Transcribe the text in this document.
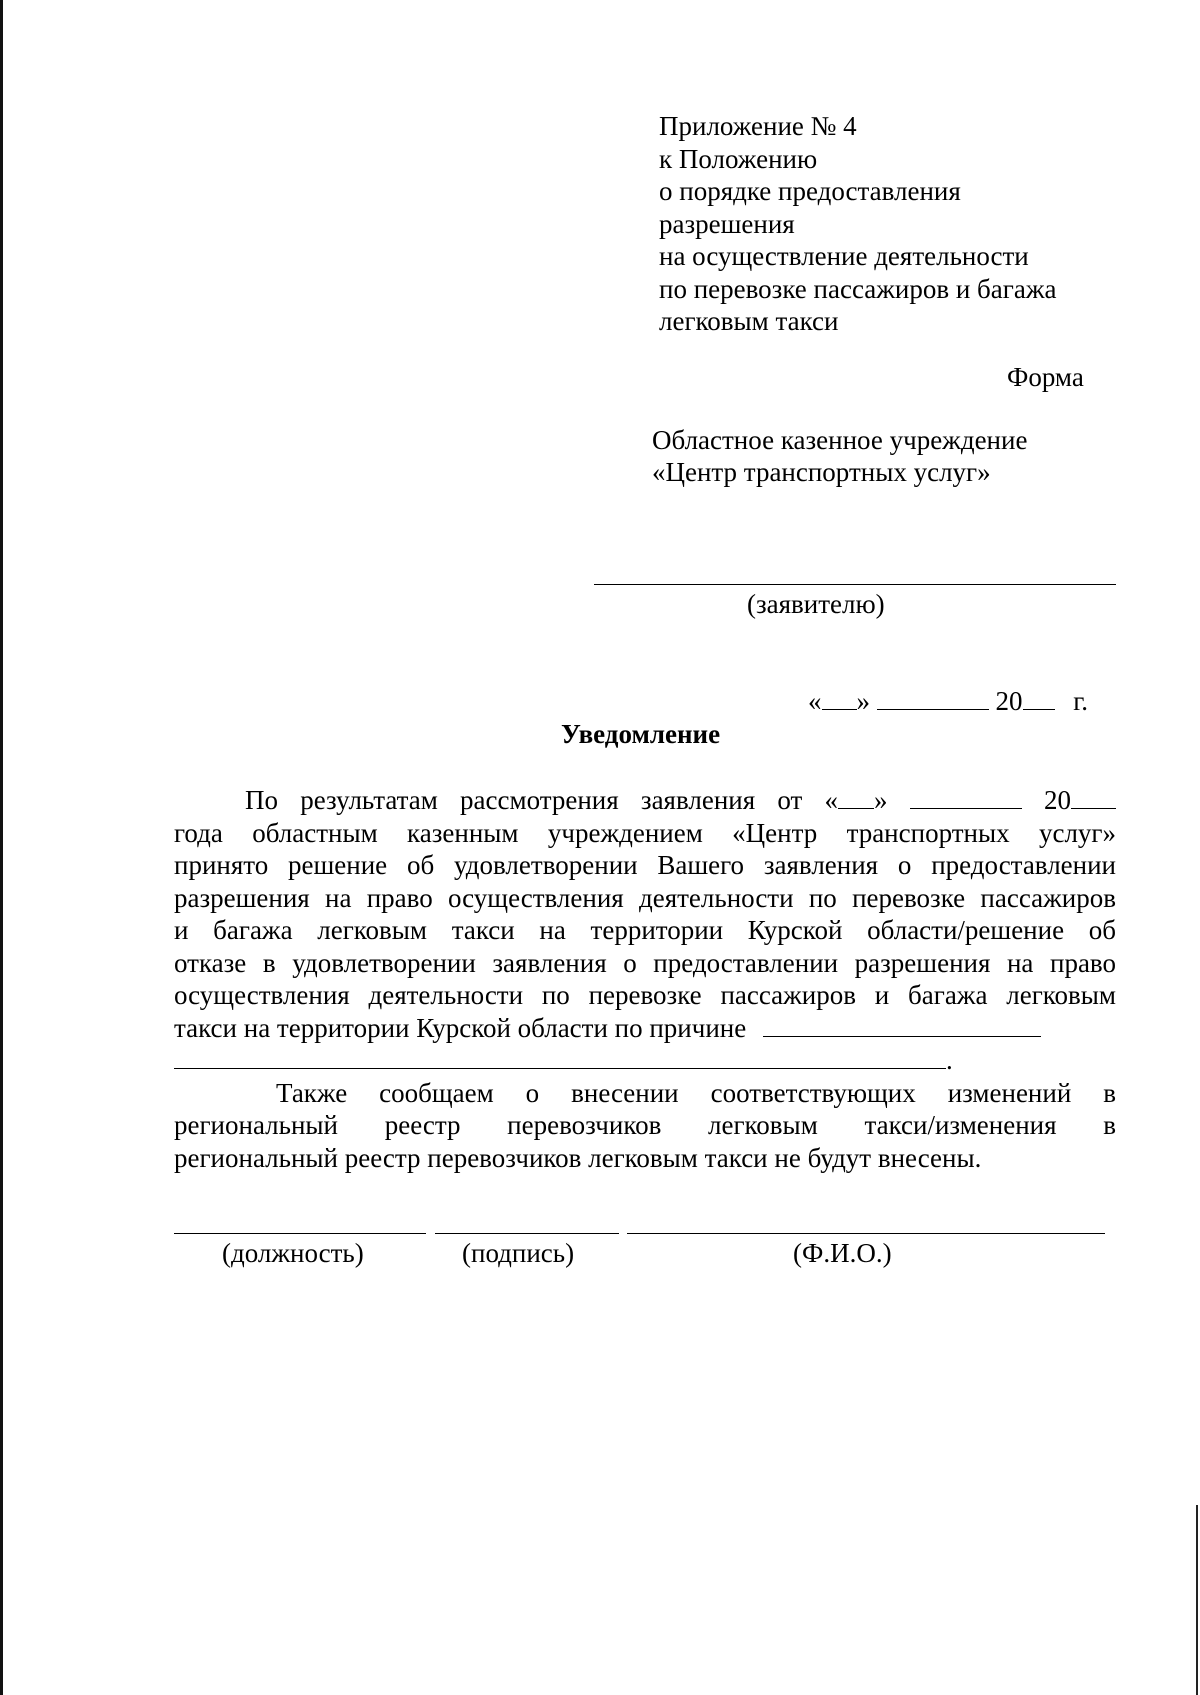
Приложение № 4
к Положению
о порядке предоставления
разрешения
на осуществление деятельности
по перевозке пассажиров и багажа
легковым такси
Форма
Областное казенное учреждение
«Центр транспортных услуг»
(заявителю)
« »	20 г.
Уведомление
По результатам рассмотрения заявления от « »	20
года областным казенным учреждением «Центр транспортных услуг»
принято решение об удовлетворении Вашего заявления о предоставлении
разрешения на право осуществления деятельности по перевозке пассажиров
и багажа легковым такси на территории Курской области/решение об
отказе в удовлетворении заявления о предоставлении разрешения на право
осуществления деятельности по перевозке пассажиров и багажа легковым
такси на территории Курской области по причине
.
Также сообщаем о внесении соответствующих изменений в
региональный реестр перевозчиков легковым такси/изменения в
региональный реестр перевозчиков легковым такси не будут внесены.
(должность)	(подпись)	(Ф.И.О.)
